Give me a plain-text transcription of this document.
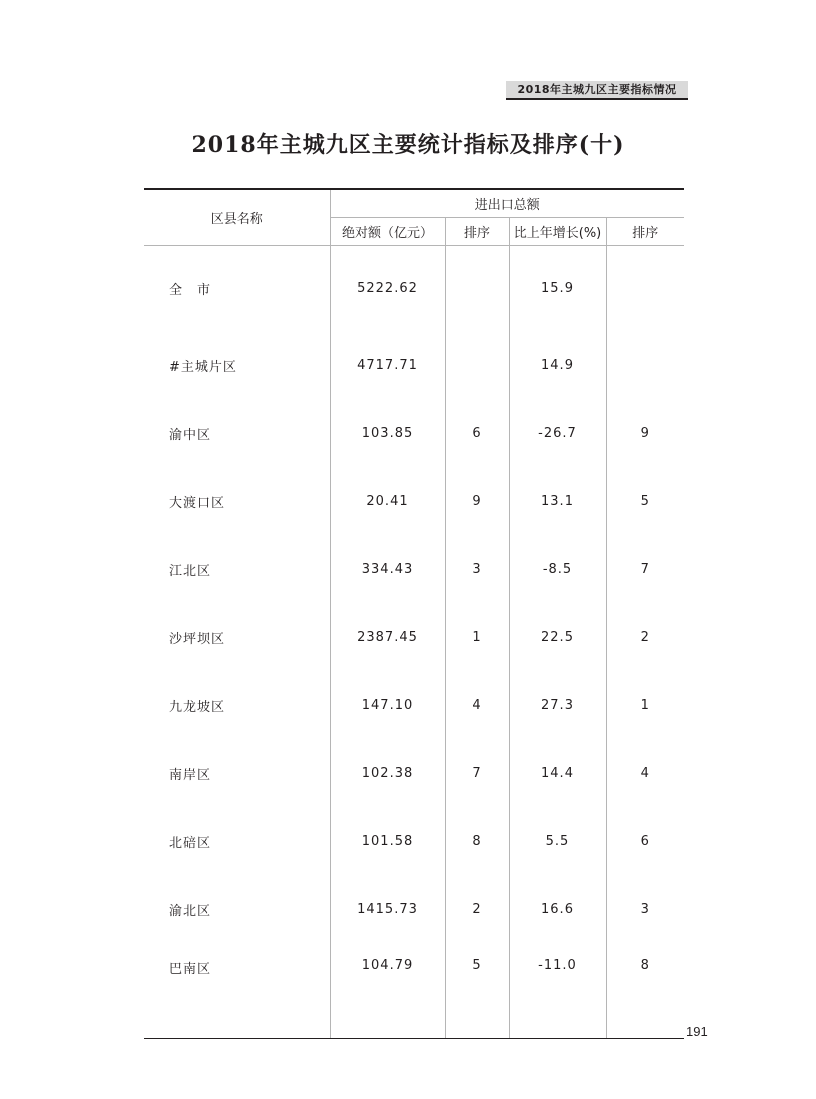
2018年主城九区主要指标情况
2018年主城九区主要统计指标及排序(十)
区县名称	进出口总额			
	绝对额（亿元）	排序	比上年增长(%)	排序
全　市	5222.62		15.9	
#主城片区	4717.71		14.9	
渝中区	103.85	6	-26.7	9
大渡口区	20.41	9	13.1	5
江北区	334.43	3	-8.5	7
沙坪坝区	2387.45	1	22.5	2
九龙坡区	147.10	4	27.3	1
南岸区	102.38	7	14.4	4
北碚区	101.58	8	5.5	6
渝北区	1415.73	2	16.6	3
巴南区	104.79	5	-11.0	8
191
